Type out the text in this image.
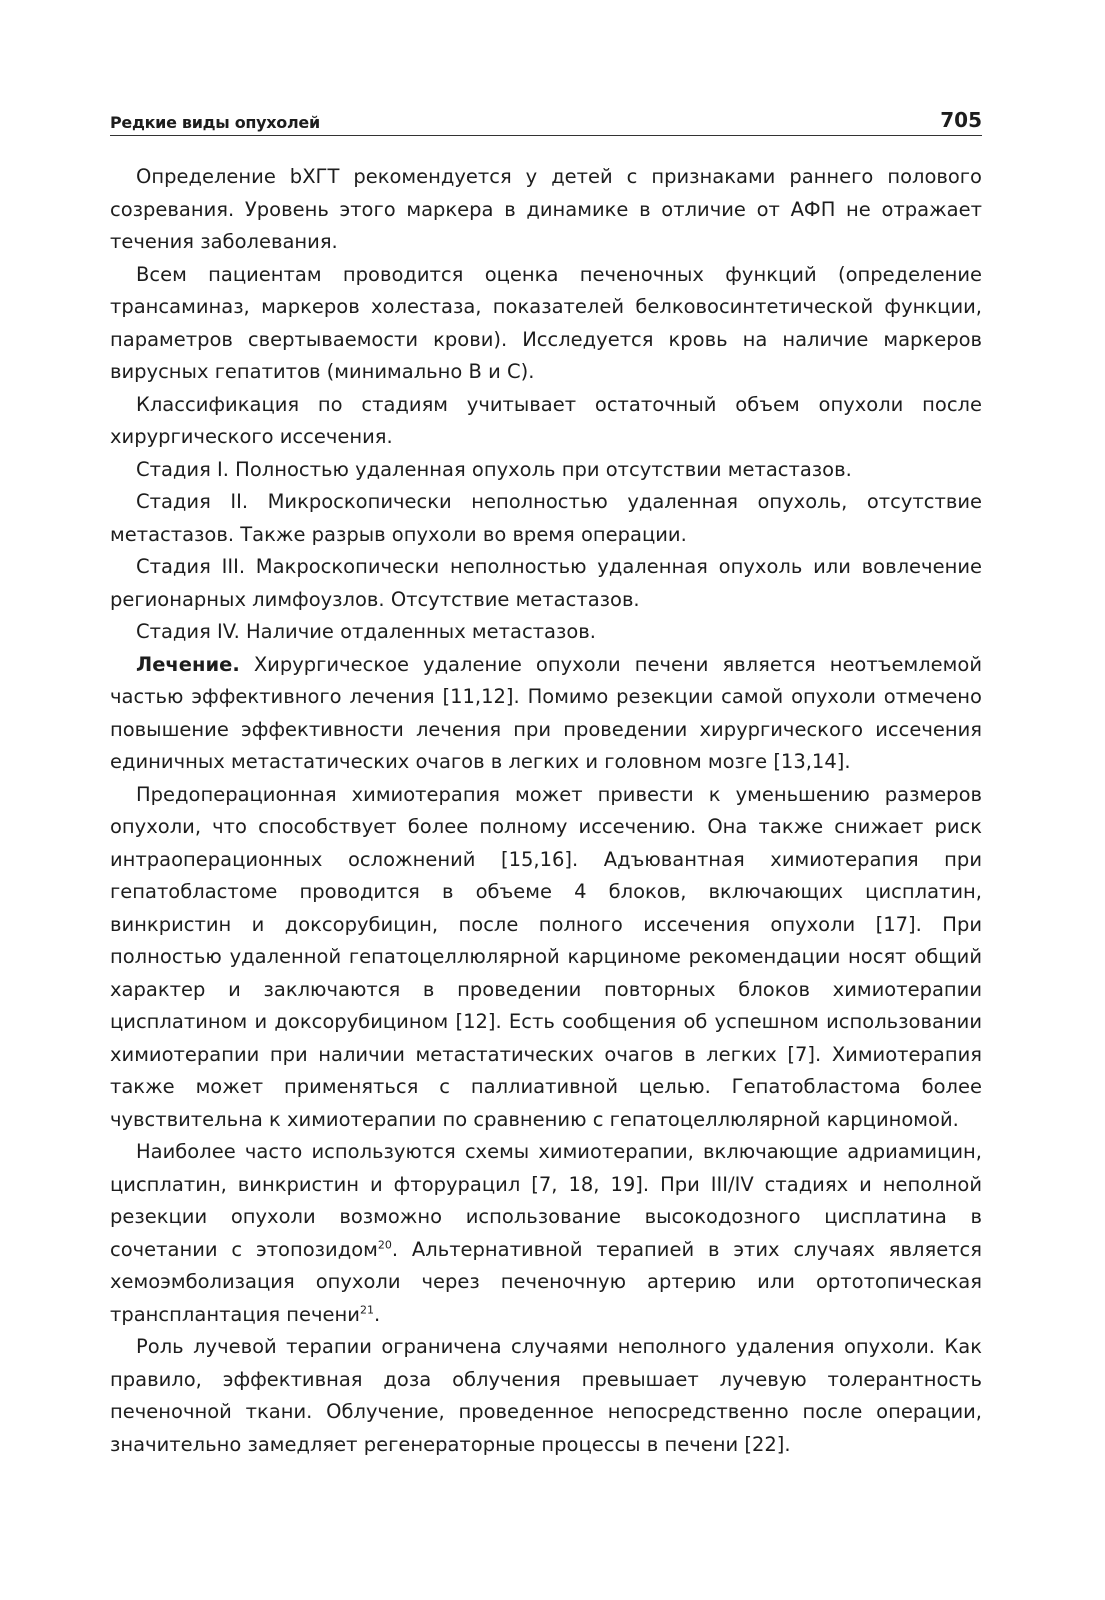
Редкие виды опухолей	705

Определение bХГТ рекомендуется у детей с признаками раннего полового созревания. Уровень этого маркера в динамике в отличие от АФП не отражает течения заболевания.

Всем пациентам проводится оценка печеночных функций (определение трансаминаз, маркеров холестаза, показателей белковосинтетической функции, параметров свертываемости крови). Исследуется кровь на наличие маркеров вирусных гепатитов (минимально В и С).

Классификация по стадиям учитывает остаточный объем опухоли после хирургического иссечения.

Стадия I. Полностью удаленная опухоль при отсутствии метастазов.

Стадия II. Микроскопически неполностью удаленная опухоль, отсутствие метастазов. Также разрыв опухоли во время операции.

Стадия III. Макроскопически неполностью удаленная опухоль или вовлечение регионарных лимфоузлов. Отсутствие метастазов.

Стадия IV. Наличие отдаленных метастазов.

Лечение. Хирургическое удаление опухоли печени является неотъемлемой частью эффективного лечения [11,12]. Помимо резекции самой опухоли отмечено повышение эффективности лечения при проведении хирургического иссечения единичных метастатических очагов в легких и головном мозге [13,14].

Предоперационная химиотерапия может привести к уменьшению размеров опухоли, что способствует более полному иссечению. Она также снижает риск интраоперационных осложнений [15,16]. Адъювантная химиотерапия при гепатобластоме проводится в объеме 4 блоков, включающих цисплатин, винкристин и доксорубицин, после полного иссечения опухоли [17]. При полностью удаленной гепатоцеллюлярной карциноме рекомендации носят общий характер и заключаются в проведении повторных блоков химиотерапии цисплатином и доксорубицином [12]. Есть сообщения об успешном использовании химиотерапии при наличии метастатических очагов в легких [7]. Химиотерапия также может применяться с паллиативной целью. Гепатобластома более чувствительна к химиотерапии по сравнению с гепатоцеллюлярной карциномой.

Наиболее часто используются схемы химиотерапии, включающие адриамицин, цисплатин, винкристин и фторурацил [7, 18, 19]. При III/IV стадиях и неполной резекции опухоли возможно использование высокодозного цисплатина в сочетании с этопозидом$^{20}$. Альтернативной терапией в этих случаях является хемоэмболизация опухоли через печеночную артерию или ортотопическая трансплантация печени$^{21}$.

Роль лучевой терапии ограничена случаями неполного удаления опухоли. Как правило, эффективная доза облучения превышает лучевую толерантность печеночной ткани. Облучение, проведенное непосредственно после операции, значительно замедляет регенераторные процессы в печени [22].
